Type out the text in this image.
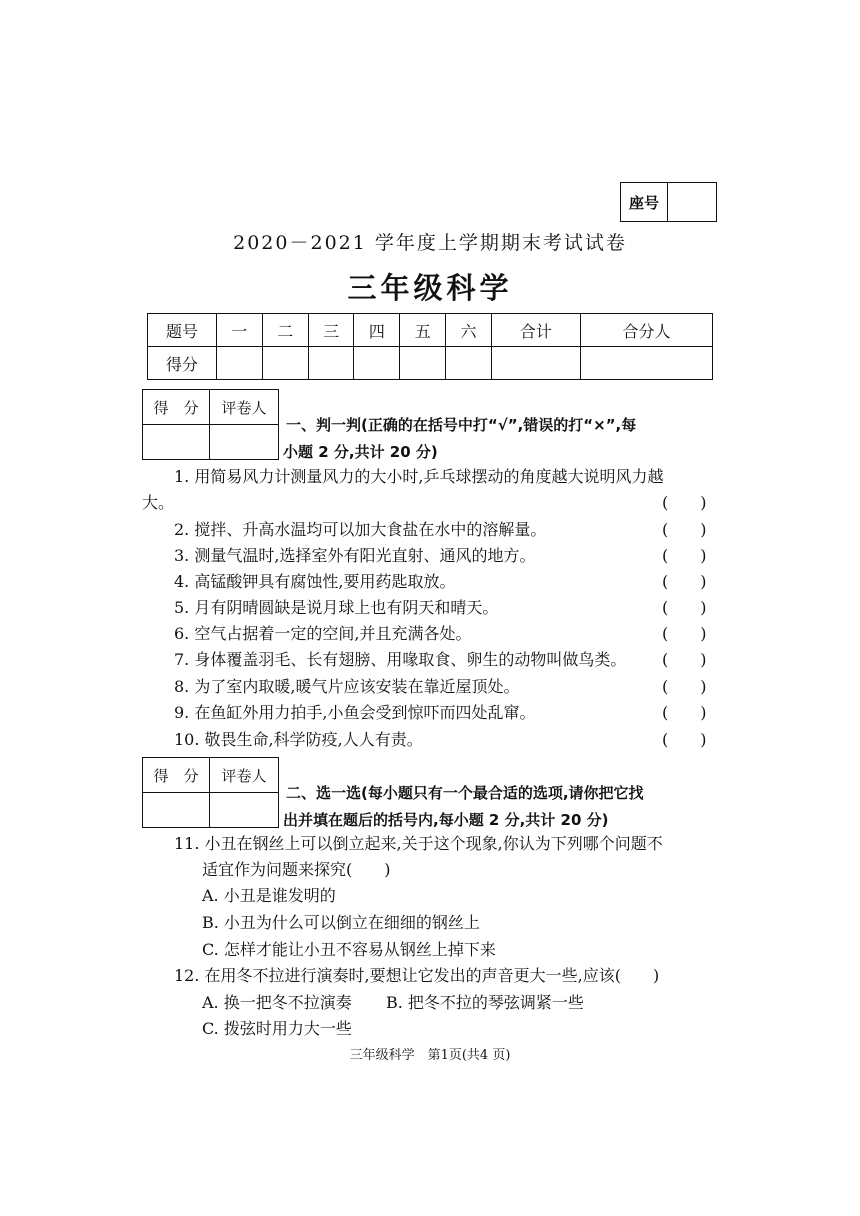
座号	
2020－2021 学年度上学期期末考试试卷
三年级科学
题号	一	二	三	四	五	六	合计	合分人
得分								
得　分	评卷人

一、判一判(正确的在括号中打“√”,错误的打“×”,每
小题 2 分,共计 20 分)
1. 用简易风力计测量风力的大小时,乒乓球摆动的角度越大说明风力越
大。	(　　)
2. 搅拌、升高水温均可以加大食盐在水中的溶解量。	(　　)
3. 测量气温时,选择室外有阳光直射、通风的地方。	(　　)
4. 高锰酸钾具有腐蚀性,要用药匙取放。	(　　)
5. 月有阴晴圆缺是说月球上也有阴天和晴天。	(　　)
6. 空气占据着一定的空间,并且充满各处。	(　　)
7. 身体覆盖羽毛、长有翅膀、用喙取食、卵生的动物叫做鸟类。 (　　)
8. 为了室内取暖,暖气片应该安装在靠近屋顶处。	(　　)
9. 在鱼缸外用力拍手,小鱼会受到惊吓而四处乱窜。	(　　)
10. 敬畏生命,科学防疫,人人有责。	(　　)
得　分	评卷人

二、选一选(每小题只有一个最合适的选项,请你把它找
出并填在题后的括号内,每小题 2 分,共计 20 分)
11. 小丑在钢丝上可以倒立起来,关于这个现象,你认为下列哪个问题不
适宜作为问题来探究(　　)
A. 小丑是谁发明的
B. 小丑为什么可以倒立在细细的钢丝上
C. 怎样才能让小丑不容易从钢丝上掉下来
12. 在用冬不拉进行演奏时,要想让它发出的声音更大一些,应该(　　)
A. 换一把冬不拉演奏 B. 把冬不拉的琴弦调紧一些
C. 拨弦时用力大一些
三年级科学　第1页(共4 页)
